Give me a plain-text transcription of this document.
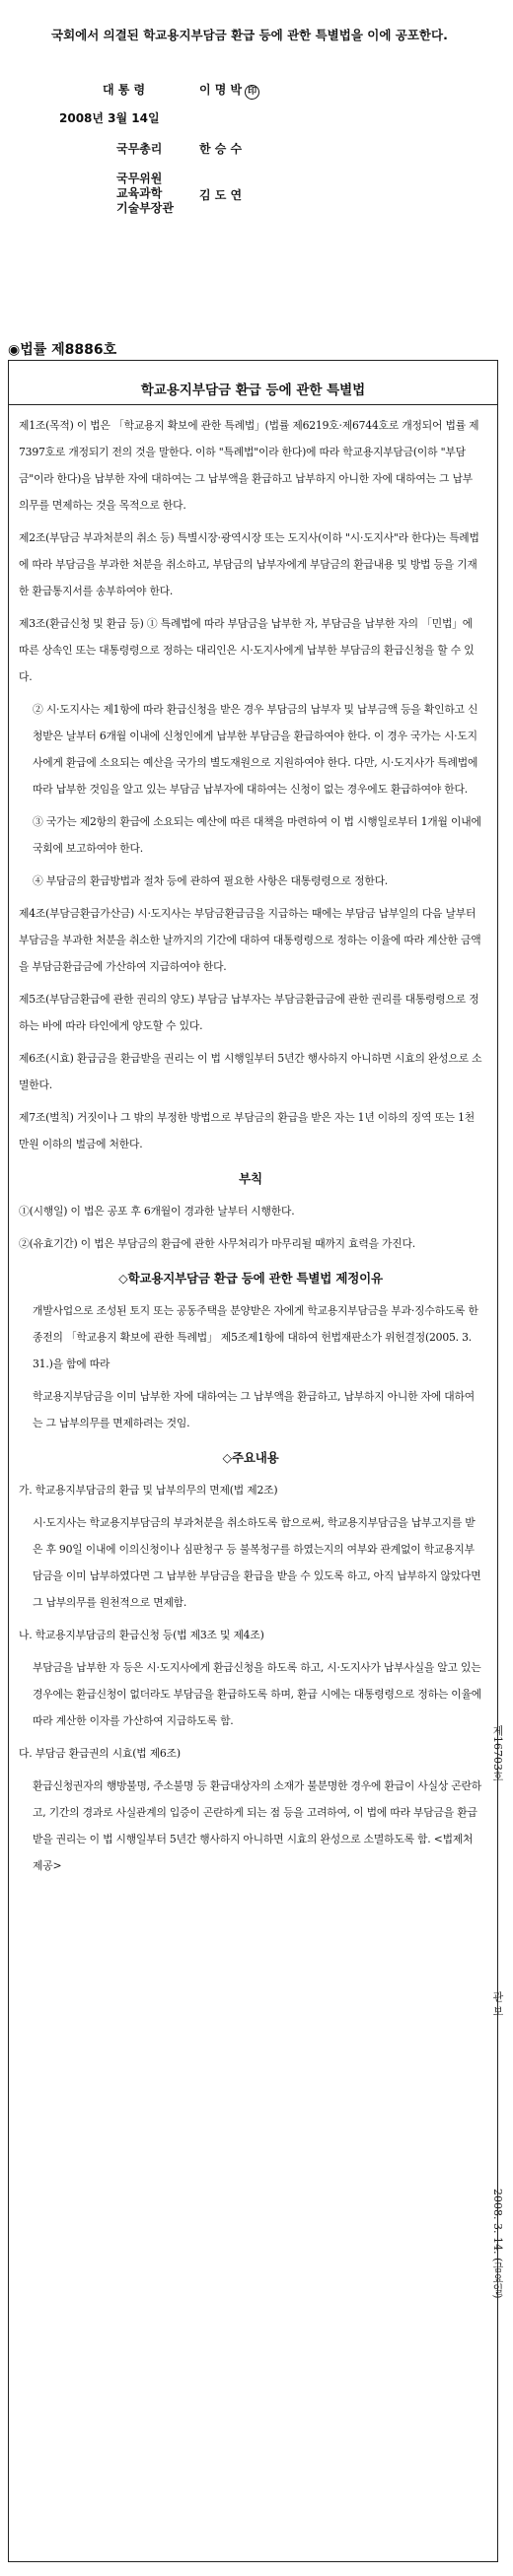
국회에서 의결된 학교용지부담금 환급 등에 관한 특별법을 이에 공포한다.
대 통 령	이 명 박 印
2008년 3월 14일
국무총리	한 승 수
국무위원
교육과학
기술부장관
김 도 연
◉법률 제8886호
학교용지부담금 환급 등에 관한 특별법

제1조(목적) 이 법은 「학교용지 확보에 관한 특례법」(법률 제6219호·제6744호로 개정되어 법률 제7397호로 개정되기 전의 것을 말한다. 이하 "특례법"이라 한다)에 따라 학교용지부담금(이하 "부담금"이라 한다)을 납부한 자에 대하여는 그 납부액을 환급하고 납부하지 아니한 자에 대하여는 그 납부의무를 면제하는 것을 목적으로 한다.

제2조(부담금 부과처분의 취소 등) 특별시장·광역시장 또는 도지사(이하 "시·도지사"라 한다)는 특례법에 따라 부담금을 부과한 처분을 취소하고, 부담금의 납부자에게 부담금의 환급내용 및 방법 등을 기재한 환급통지서를 송부하여야 한다.

제3조(환급신청 및 환급 등) ① 특례법에 따라 부담금을 납부한 자, 부담금을 납부한 자의 「민법」에 따른 상속인 또는 대통령령으로 정하는 대리인은 시·도지사에게 납부한 부담금의 환급신청을 할 수 있다.

② 시·도지사는 제1항에 따라 환급신청을 받은 경우 부담금의 납부자 및 납부금액 등을 확인하고 신청받은 날부터 6개월 이내에 신청인에게 납부한 부담금을 환급하여야 한다. 이 경우 국가는 시·도지사에게 환급에 소요되는 예산을 국가의 별도재원으로 지원하여야 한다. 다만, 시·도지사가 특례법에 따라 납부한 것임을 알고 있는 부담금 납부자에 대하여는 신청이 없는 경우에도 환급하여야 한다.

③ 국가는 제2항의 환급에 소요되는 예산에 따른 대책을 마련하여 이 법 시행일로부터 1개월 이내에 국회에 보고하여야 한다.

④ 부담금의 환급방법과 절차 등에 관하여 필요한 사항은 대통령령으로 정한다.

제4조(부담금환급가산금) 시·도지사는 부담금환급금을 지급하는 때에는 부담금 납부일의 다음 날부터 부담금을 부과한 처분을 취소한 날까지의 기간에 대하여 대통령령으로 정하는 이율에 따라 계산한 금액을 부담금환급금에 가산하여 지급하여야 한다.

제5조(부담금환급에 관한 권리의 양도) 부담금 납부자는 부담금환급금에 관한 권리를 대통령령으로 정하는 바에 따라 타인에게 양도할 수 있다.

제6조(시효) 환급금을 환급받을 권리는 이 법 시행일부터 5년간 행사하지 아니하면 시효의 완성으로 소멸한다.

제7조(벌칙) 거짓이나 그 밖의 부정한 방법으로 부담금의 환급을 받은 자는 1년 이하의 징역 또는 1천만원 이하의 벌금에 처한다.

부칙

①(시행일) 이 법은 공포 후 6개월이 경과한 날부터 시행한다.

②(유효기간) 이 법은 부담금의 환급에 관한 사무처리가 마무리될 때까지 효력을 가진다.

◇학교용지부담금 환급 등에 관한 특별법 제정이유

개발사업으로 조성된 토지 또는 공동주택을 분양받은 자에게 학교용지부담금을 부과·징수하도록 한 종전의 「학교용지 확보에 관한 특례법」 제5조제1항에 대하여 헌법재판소가 위헌결정(2005. 3. 31.)을 함에 따라

학교용지부담금을 이미 납부한 자에 대하여는 그 납부액을 환급하고, 납부하지 아니한 자에 대하여는 그 납부의무를 면제하려는 것임.

◇주요내용

가. 학교용지부담금의 환급 및 납부의무의 면제(법 제2조)

시·도지사는 학교용지부담금의 부과처분을 취소하도록 함으로써, 학교용지부담금을 납부고지를 받은 후 90일 이내에 이의신청이나 심판청구 등 불복청구를 하였는지의 여부와 관계없이 학교용지부담금을 이미 납부하였다면 그 납부한 부담금을 환급을 받을 수 있도록 하고, 아직 납부하지 않았다면 그 납부의무를 원천적으로 면제함.

나. 학교용지부담금의 환급신청 등(법 제3조 및 제4조)

부담금을 납부한 자 등은 시·도지사에게 환급신청을 하도록 하고, 시·도지사가 납부사실을 알고 있는 경우에는 환급신청이 없더라도 부담금을 환급하도록 하며, 환급 시에는 대통령령으로 정하는 이율에 따라 계산한 이자를 가산하여 지급하도록 함.

다. 부담금 환급권의 시효(법 제6조)

환급신청권자의 행방불명, 주소불명 등 환급대상자의 소재가 불분명한 경우에 환급이 사실상 곤란하고, 기간의 경과로 사실관계의 입증이 곤란하게 되는 점 등을 고려하여, 이 법에 따라 부담금을 환급받을 권리는 이 법 시행일부터 5년간 행사하지 아니하면 시효의 완성으로 소멸하도록 함. <법제처 제공>

제16703호
관 보
2008. 3. 14. (금요일)
